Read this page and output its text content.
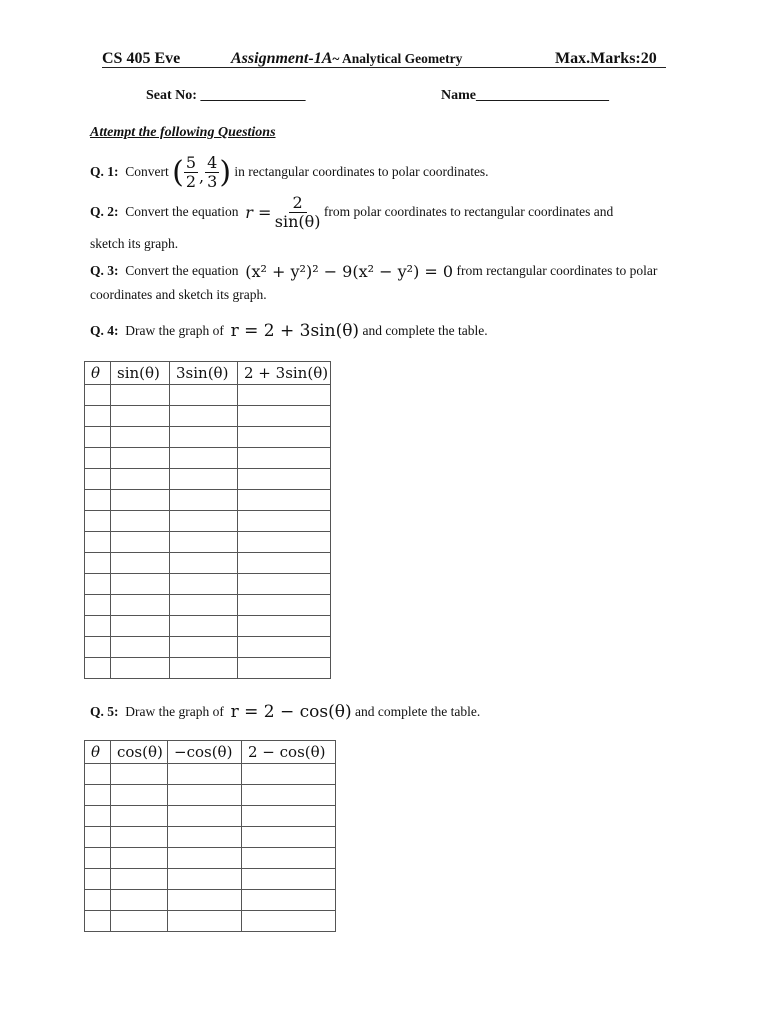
CS 405 Eve	Assignment-1A~ Analytical Geometry	Max.Marks:20
Seat No: _______________	Name___________________
Attempt the following Questions
Q. 1:
Convert
( $\frac{5}{2}$ , $\frac{4}{3}$ )
in rectangular coordinates to polar coordinates.
Q. 2:
Convert the equation
r =
$\frac{2}{\sin(\theta)}$
from polar coordinates to rectangular coordinates and
sketch its graph.
Q. 3:
Convert the equation
(x² + y²)² − 9(x² − y²) = 0
from rectangular coordinates to polar
coordinates and sketch its graph.
Q. 4:
Draw the graph of
r = 2 + 3sin(θ)
and complete the table.
θ	sin(θ)	3sin(θ)	2 + 3sin(θ)

Q. 5:
Draw the graph of
r = 2 − cos(θ)
and complete the table.
θ	cos(θ)	−cos(θ)	2 − cos(θ)
